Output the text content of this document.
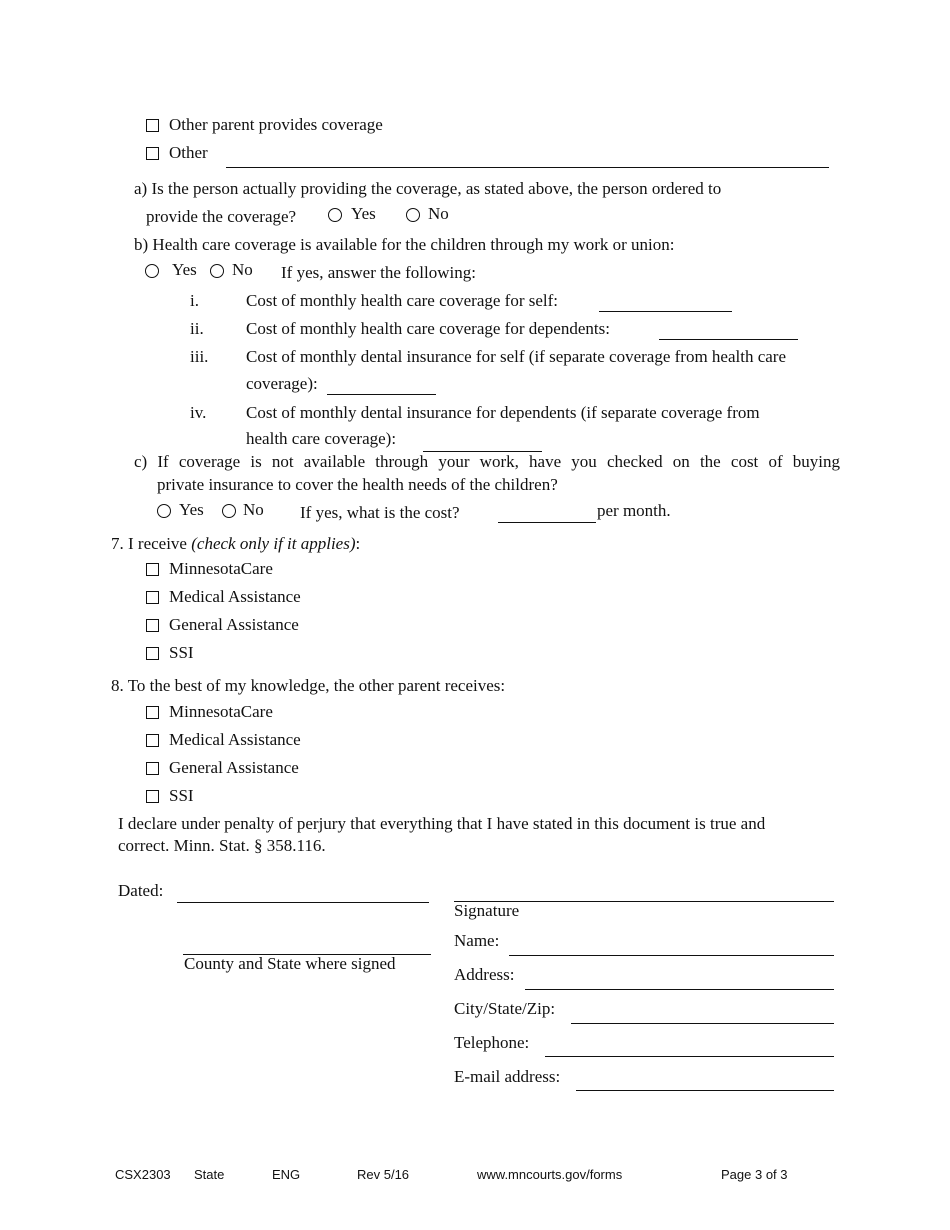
Other parent provides coverage
Other
a) Is the person actually providing the coverage, as stated above, the person ordered to
provide the coverage?	Yes	No
b) Health care coverage is available for the children through my work or union:
Yes No If yes, answer the following:
i.	Cost of monthly health care coverage for self:
ii. Cost of monthly health care coverage for dependents:
iii. Cost of monthly dental insurance for self (if separate coverage from health care
coverage):
iv. Cost of monthly dental insurance for dependents (if separate coverage from
health care coverage):
c) If coverage is not available through your work, have you checked on the cost of buying
private insurance to cover the health needs of the children?
Yes No If yes, what is the cost?	per month.
7. I receive (check only if it applies):
MinnesotaCare
Medical Assistance
General Assistance
SSI
8. To the best of my knowledge, the other parent receives:
MinnesotaCare
Medical Assistance
General Assistance
SSI
I declare under penalty of perjury that everything that I have stated in this document is true and
correct. Minn. Stat. § 358.116.
Dated:
County and State where signed
Signature
Name:
Address:
City/State/Zip:
Telephone:
E-mail address:
CSX2303 State	ENG	Rev 5/16	www.mncourts.gov/forms	Page 3 of 3
